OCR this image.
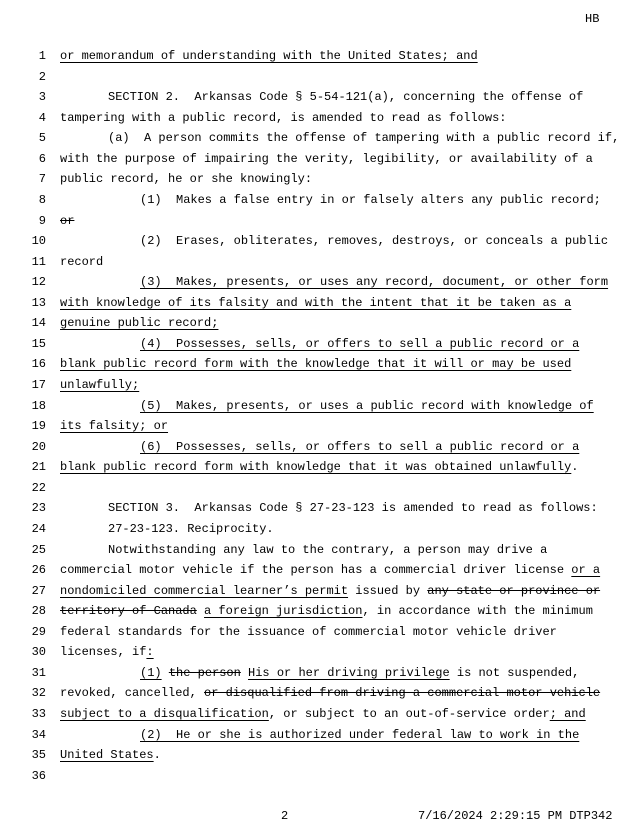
HB
1 or memorandum of understanding with the United States; and
2
3	SECTION 2.  Arkansas Code § 5-54-121(a), concerning the offense of
4 tampering with a public record, is amended to read as follows:
5	(a)  A person commits the offense of tampering with a public record if,
6 with the purpose of impairing the verity, legibility, or availability of a
7 public record, he or she knowingly:
8	(1)  Makes a false entry in or falsely alters any public record;
9 or
10	(2)  Erases, obliterates, removes, destroys, or conceals a public
11 record
12	(3)  Makes, presents, or uses any record, document, or other form
13 with knowledge of its falsity and with the intent that it be taken as a
14 genuine public record;
15	(4)  Possesses, sells, or offers to sell a public record or a
16 blank public record form with the knowledge that it will or may be used
17 unlawfully;
18	(5)  Makes, presents, or uses a public record with knowledge of
19 its falsity; or
20	(6)  Possesses, sells, or offers to sell a public record or a
21 blank public record form with knowledge that it was obtained unlawfully.
22
23	SECTION 3.  Arkansas Code § 27-23-123 is amended to read as follows:
24	27-23-123. Reciprocity.
25	Notwithstanding any law to the contrary, a person may drive a
26 commercial motor vehicle if the person has a commercial driver license or a
27 nondomiciled commercial learner’s permit issued by any state or province or
28 territory of Canada a foreign jurisdiction, in accordance with the minimum
29 federal standards for the issuance of commercial motor vehicle driver
30 licenses, if:
31	(1) the person His or her driving privilege is not suspended,
32 revoked, cancelled, or disqualified from driving a commercial motor vehicle
33 subject to a disqualification, or subject to an out-of-service order; and
34	(2)  He or she is authorized under federal law to work in the
35 United States.
36
2	7/16/2024 2:29:15 PM DTP342
